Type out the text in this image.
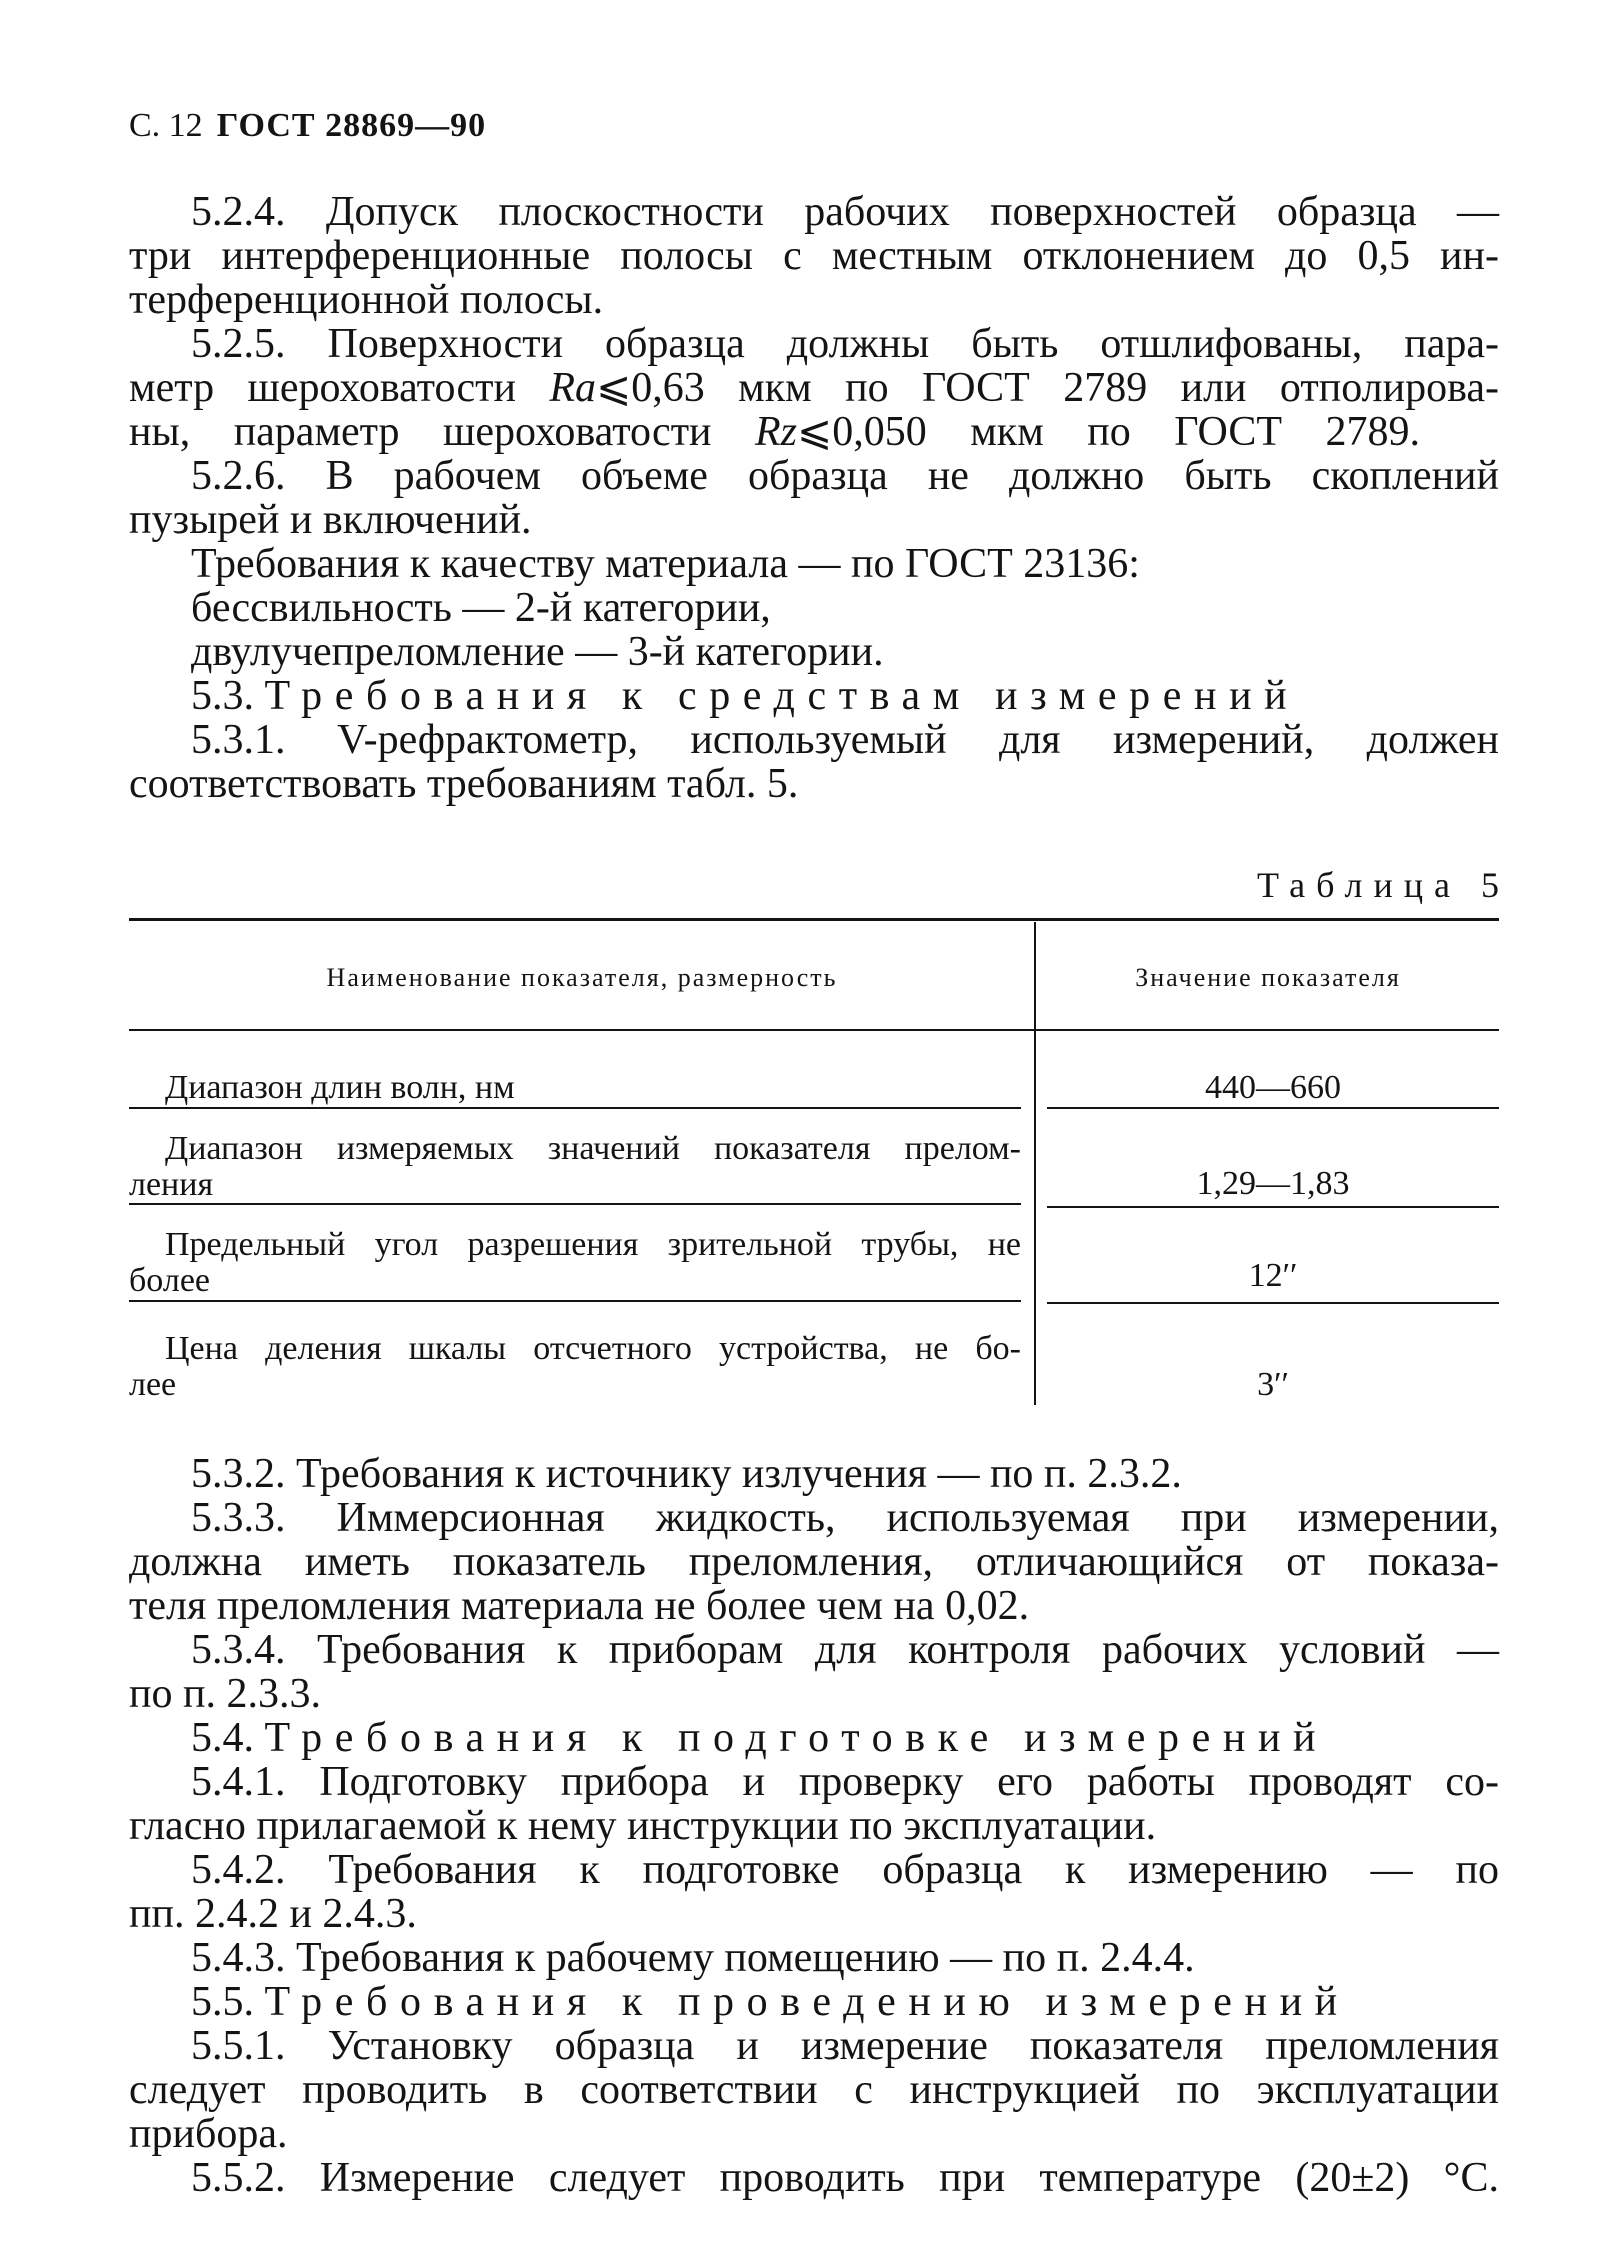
С. 12 ГОСТ 28869—90
5.2.4. Допуск плоскостности рабочих поверхностей образца —
три интерференционные полосы с местным отклонением до 0,5 ин-
терференционной полосы.
5.2.5. Поверхности образца должны быть отшлифованы, пара-
метр шероховатости Ra⩽0,63 мкм по ГОСТ 2789 или отполирова-
ны, параметр шероховатости Rz⩽0,050 мкм по ГОСТ 2789.
5.2.6. В рабочем объеме образца не должно быть скоплений
пузырей и включений.
Требования к качеству материала — по ГОСТ 23136:
бессвильность — 2-й категории,
двулучепреломление — 3-й категории.
5.3. Требования к средствам измерений
5.3.1. V-рефрактометр, используемый для измерений, должен
соответствовать требованиям табл. 5.
Таблица 5
Наименование показателя, размерность	Значение показателя
Диапазон длин волн, нм	440—660
Диапазон измеряемых значений показателя прелом-
ления	1,29—1,83
Предельный угол разрешения зрительной трубы, не
более	12′′
Цена деления шкалы отсчетного устройства, не бо-
лее	3′′
5.3.2. Требования к источнику излучения — по п. 2.3.2.
5.3.3. Иммерсионная жидкость, используемая при измерении,
должна иметь показатель преломления, отличающийся от показа-
теля преломления материала не более чем на 0,02.
5.3.4. Требования к приборам для контроля рабочих условий —
по п. 2.3.3.
5.4. Требования к подготовке измерений
5.4.1. Подготовку прибора и проверку его работы проводят со-
гласно прилагаемой к нему инструкции по эксплуатации.
5.4.2. Требования к подготовке образца к измерению — по
пп. 2.4.2 и 2.4.3.
5.4.3. Требования к рабочему помещению — по п. 2.4.4.
5.5. Требования к проведению измерений
5.5.1. Установку образца и измерение показателя преломления
следует проводить в соответствии с инструкцией по эксплуатации
прибора.
5.5.2. Измерение следует проводить при температуре (20±2) °C.
